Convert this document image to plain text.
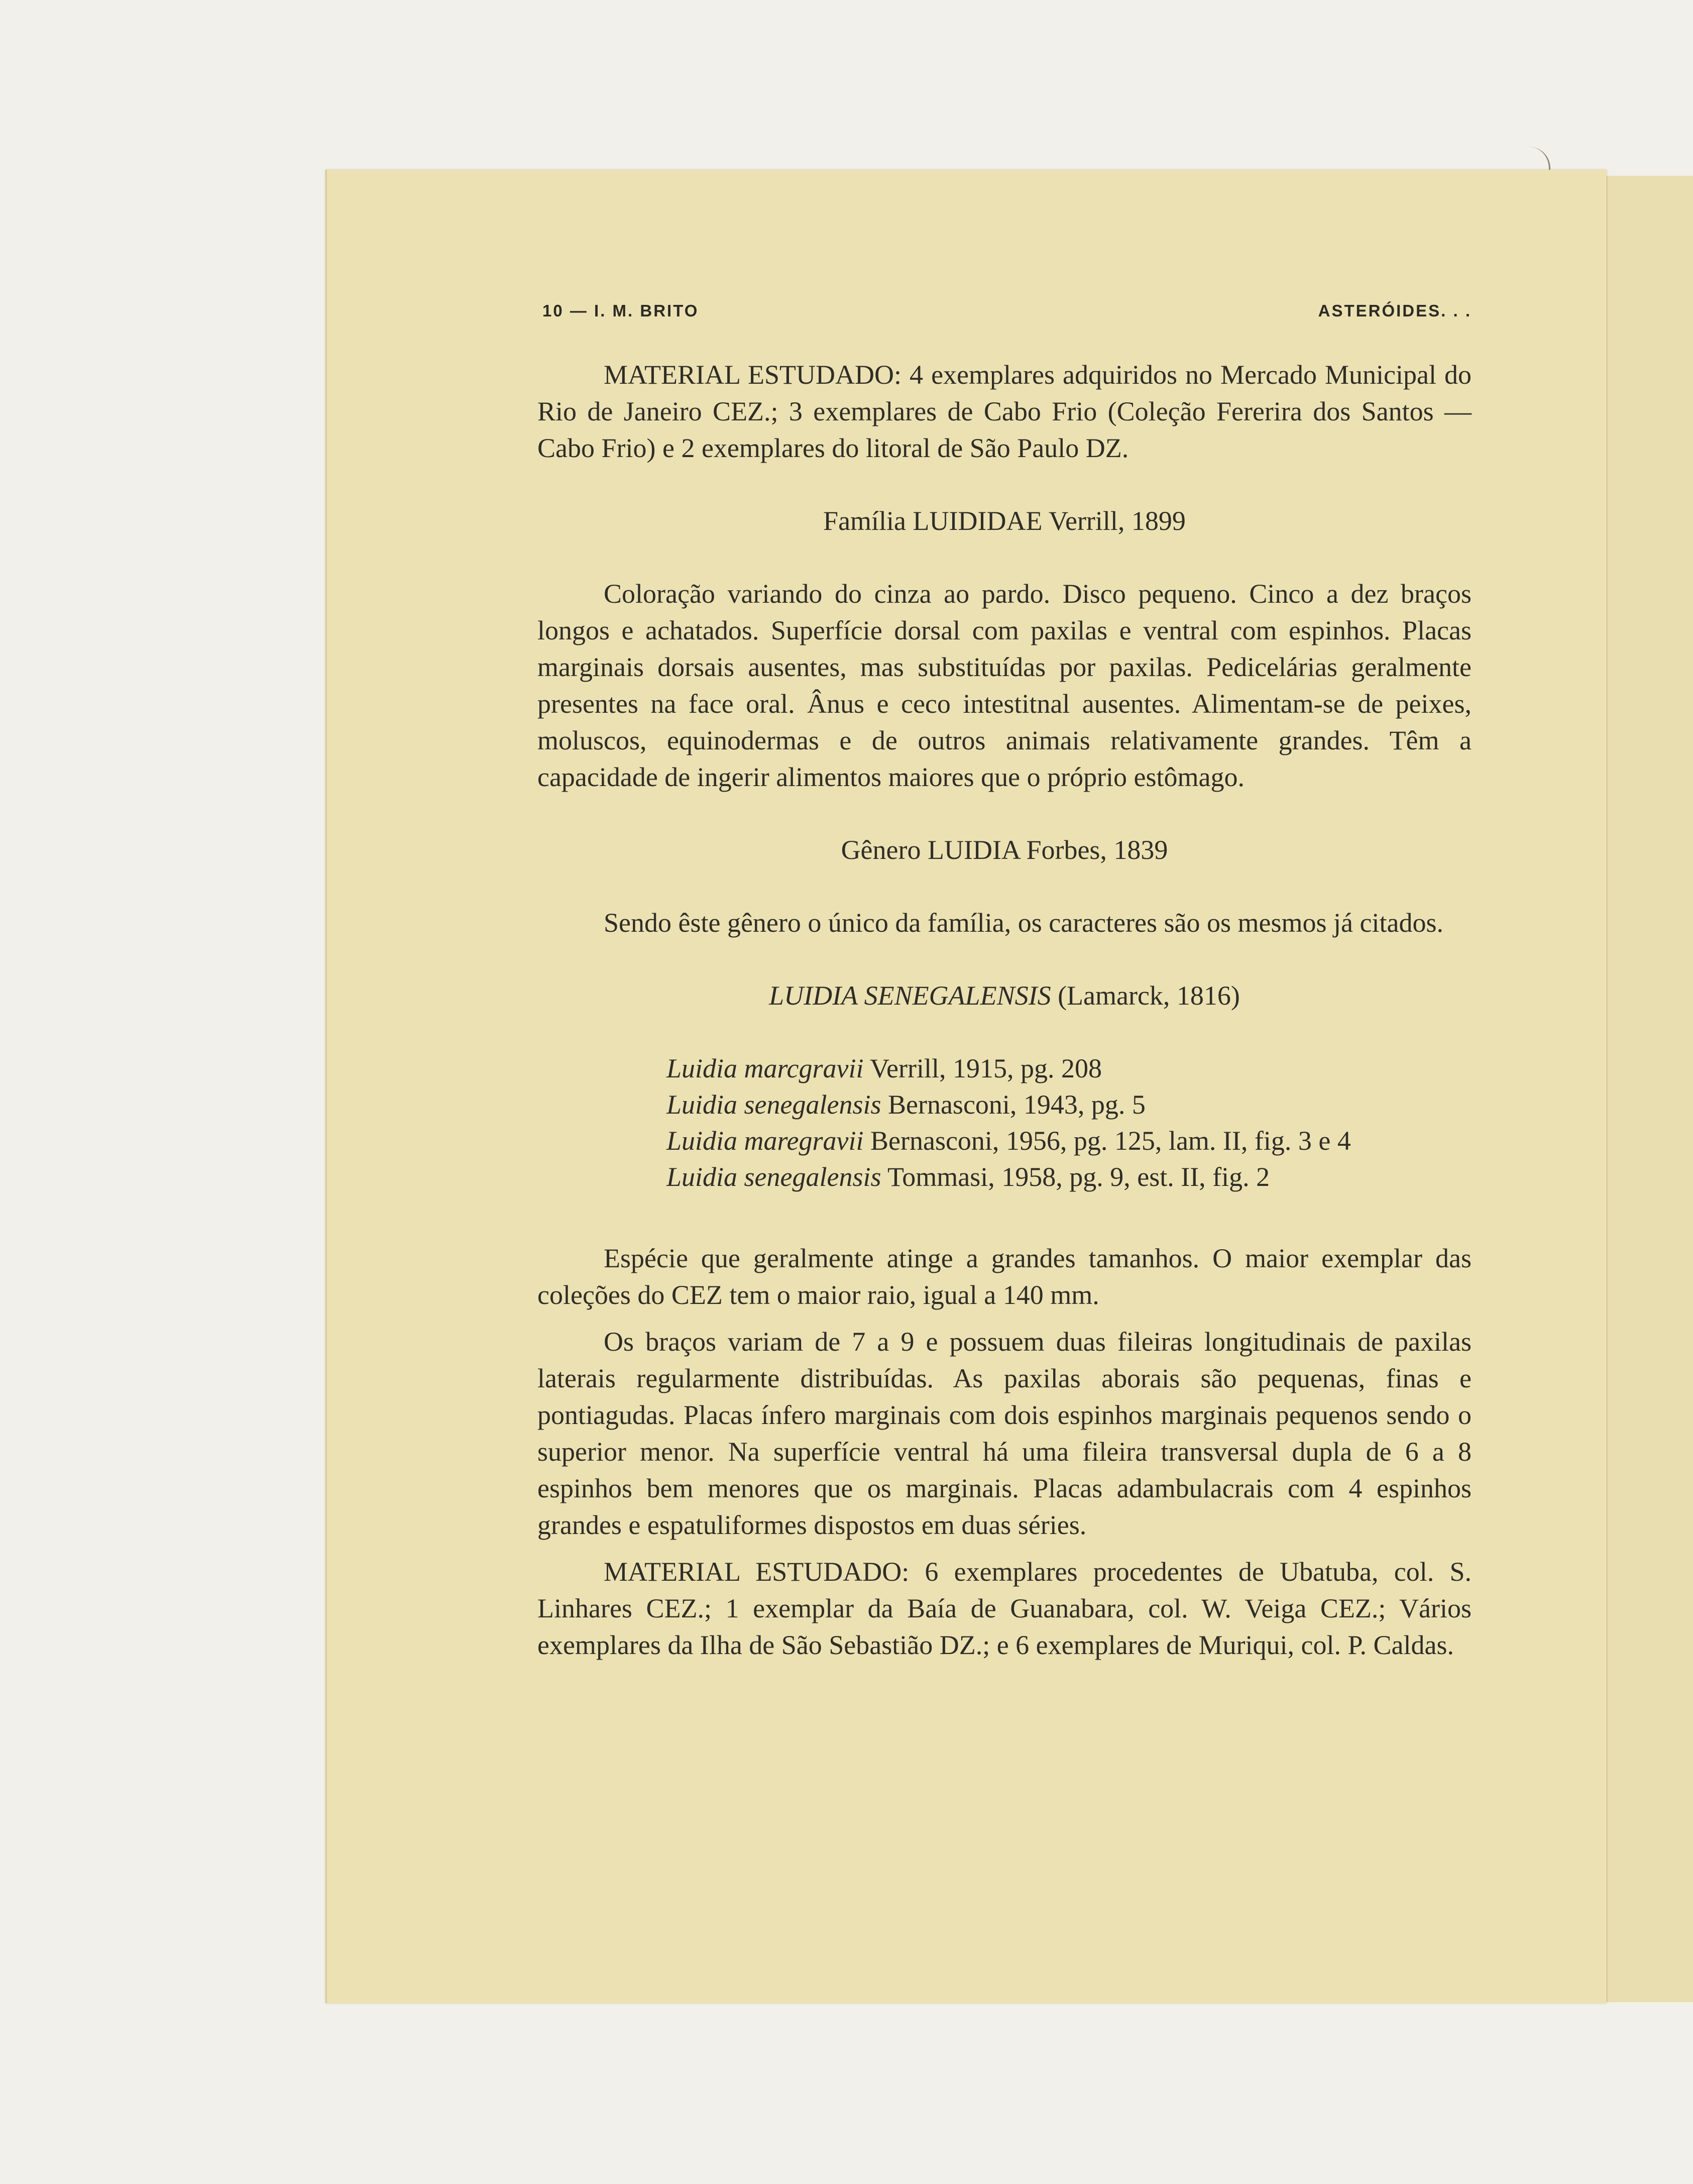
10 — I. M. BRITO	ASTERÓIDES. . .

MATERIAL ESTUDADO: 4 exemplares adquiridos no Mercado Municipal do Rio de Janeiro CEZ.; 3 exemplares de Cabo Frio (Coleção Fererira dos Santos — Cabo Frio) e 2 exemplares do litoral de São Paulo DZ.

Família LUIDIDAE Verrill, 1899

Coloração variando do cinza ao pardo. Disco pequeno. Cinco a dez braços longos e achatados. Superfície dorsal com paxilas e ventral com espinhos. Placas marginais dorsais ausentes, mas substituídas por paxilas. Pedicelárias geralmente presentes na face oral. Ânus e ceco intestitnal ausentes. Alimentam-se de peixes, moluscos, equinodermas e de outros animais relativamente grandes. Têm a capacidade de ingerir alimentos maiores que o próprio estômago.

Gênero LUIDIA Forbes, 1839

Sendo êste gênero o único da família, os caracteres são os mesmos já citados.

LUIDIA SENEGALENSIS (Lamarck, 1816)

Luidia marcgravii Verrill, 1915, pg. 208

Luidia senegalensis Bernasconi, 1943, pg. 5

Luidia maregravii Bernasconi, 1956, pg. 125, lam. II, fig. 3 e 4

Luidia senegalensis Tommasi, 1958, pg. 9, est. II, fig. 2

Espécie que geralmente atinge a grandes tamanhos. O maior exemplar das coleções do CEZ tem o maior raio, igual a 140 mm.

Os braços variam de 7 a 9 e possuem duas fileiras longitudinais de paxilas laterais regularmente distribuídas. As paxilas aborais são pequenas, finas e pontiagudas. Placas ínfero marginais com dois espinhos marginais pequenos sendo o superior menor. Na superfície ventral há uma fileira transversal dupla de 6 a 8 espinhos bem menores que os marginais. Placas adambulacrais com 4 espinhos grandes e espatuliformes dispostos em duas séries.

MATERIAL ESTUDADO: 6 exemplares procedentes de Ubatuba, col. S. Linhares CEZ.; 1 exemplar da Baía de Guanabara, col. W. Veiga CEZ.; Vários exemplares da Ilha de São Sebastião DZ.; e 6 exemplares de Muriqui, col. P. Caldas.
